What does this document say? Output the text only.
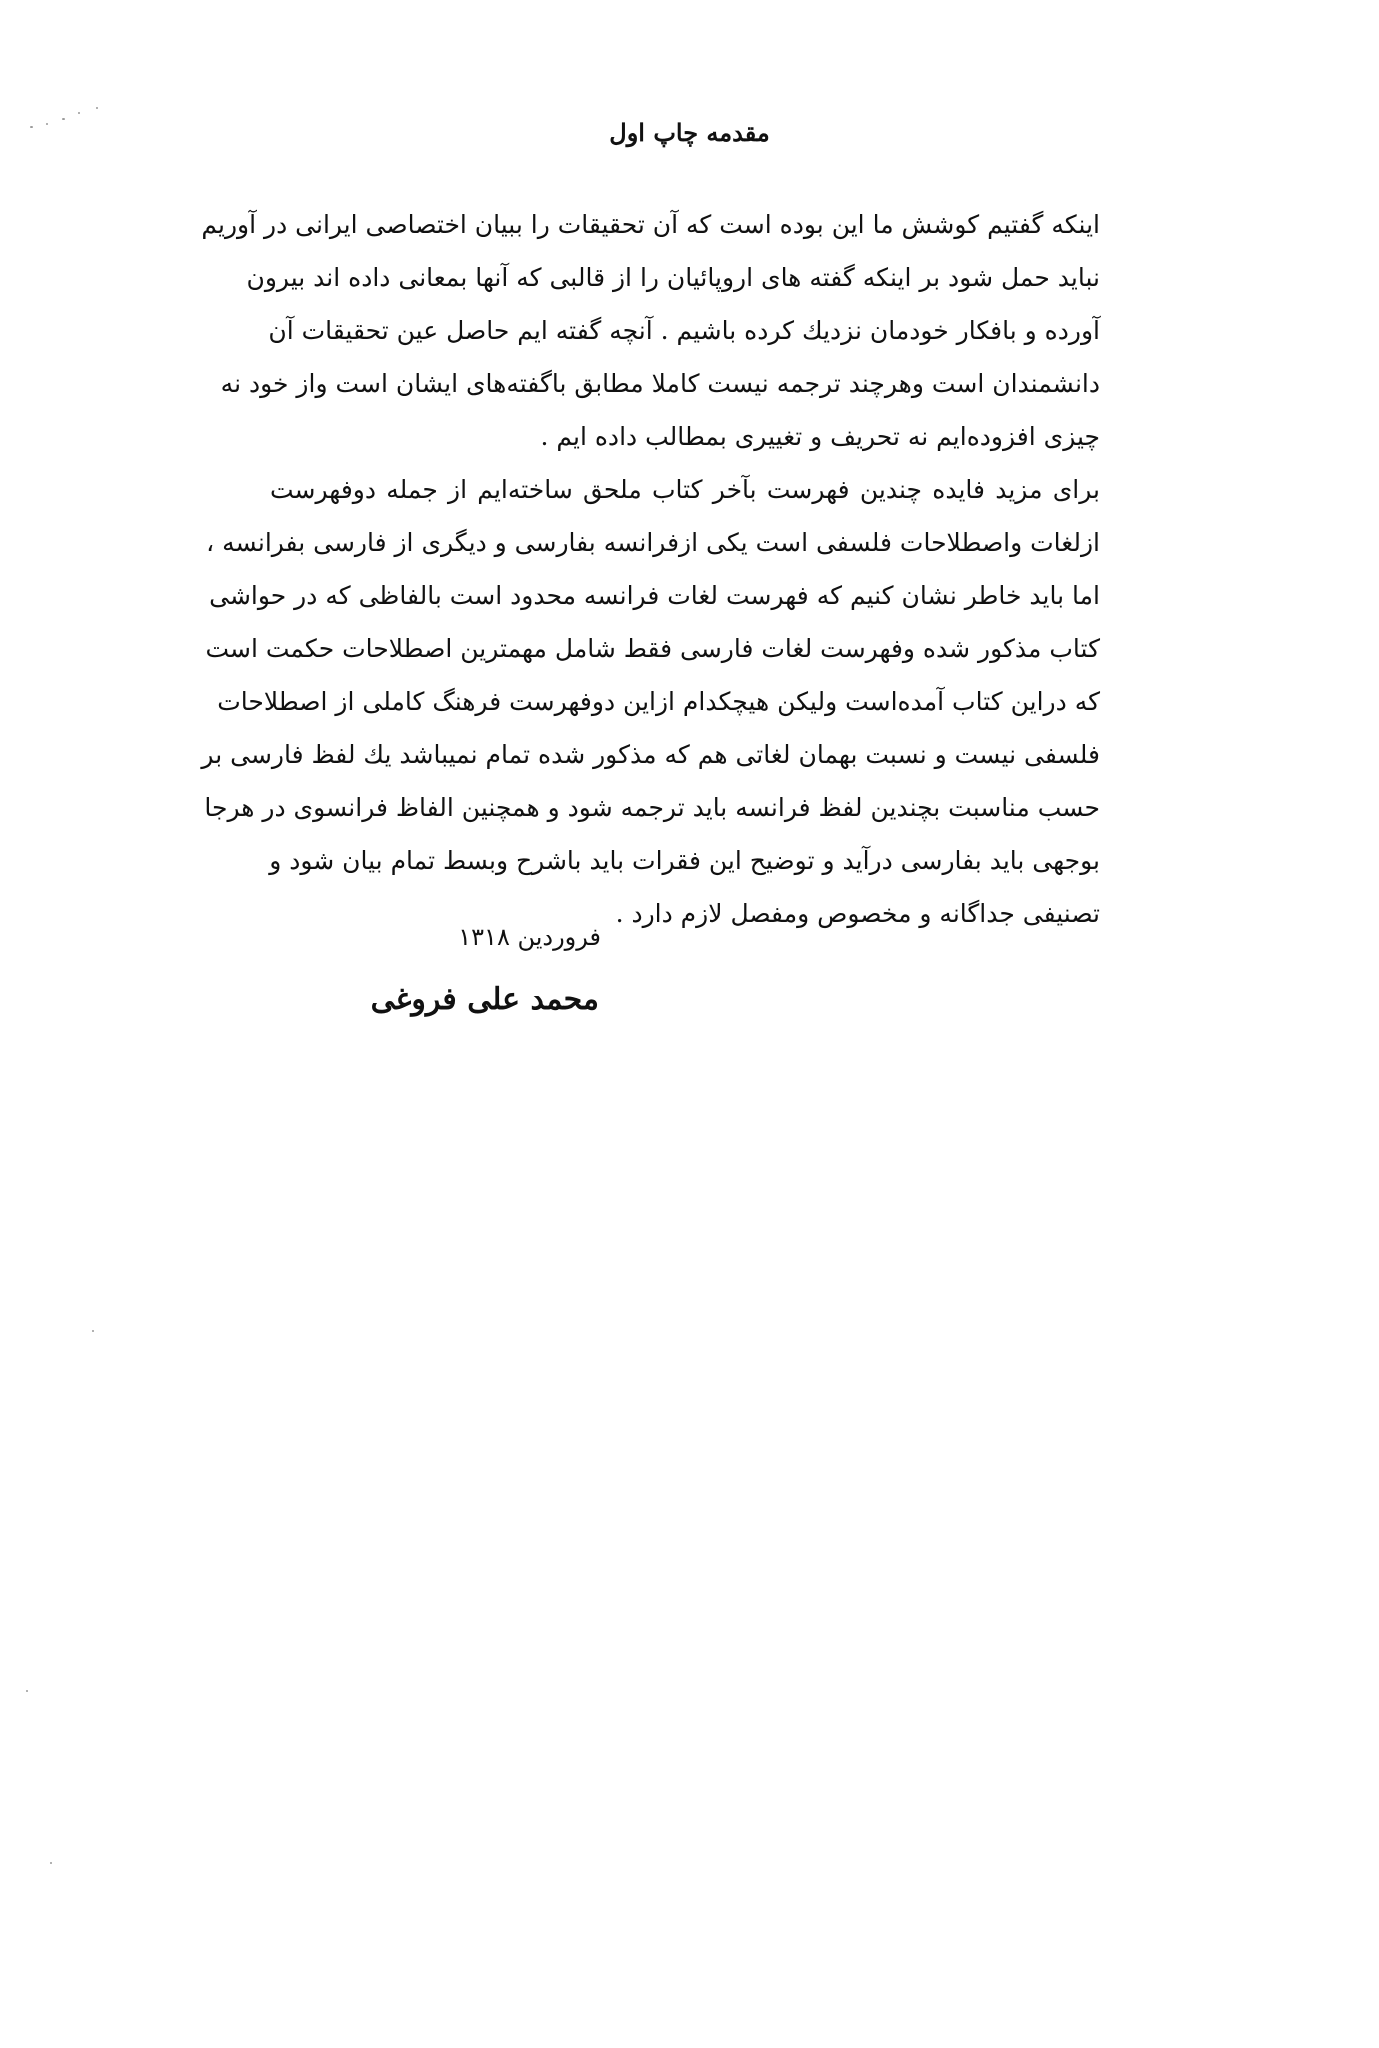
مقدمه چاپ اول

اینکه گفتیم کوشش ما این بوده است که آن تحقیقات را ببیان اختصاصی ایرانی در آوریم
نباید حمل شود بر اینکه گفته های اروپائیان را از قالبی که آنها بمعانی داده اند بیرون
آورده و بافکار خودمان نزدیك کرده باشیم . آنچه گفته ایم حاصل عین تحقیقات آن
دانشمندان است وهرچند ترجمه نیست کاملا مطابق باگفته‌های ایشان است واز خود نه
چیزی افزوده‌ایم نه تحریف و تغییری بمطالب داده ایم .

برای مزید فایده چندین فهرست بآخر کتاب ملحق ساخته‌ایم از جمله دوفهرست
ازلغات واصطلاحات فلسفی است یکی ازفرانسه بفارسی و دیگری از فارسی بفرانسه ،
اما باید خاطر نشان کنیم که فهرست لغات فرانسه محدود است بالفاظی که در حواشی
کتاب مذکور شده وفهرست لغات فارسی فقط شامل مهمترین اصطلاحات حکمت است
که دراین کتاب آمده‌است ولیکن هیچکدام ازاین دوفهرست فرهنگ کاملی از اصطلاحات
فلسفی نیست و نسبت بهمان لغاتی هم که مذکور شده تمام نمیباشد یك لفظ فارسی بر
حسب مناسبت بچندین لفظ فرانسه باید ترجمه شود و همچنین الفاظ فرانسوی در هرجا
بوجهی باید بفارسی درآید و توضیح این فقرات باید باشرح وبسط تمام بیان شود و
تصنیفی جداگانه و مخصوص ومفصل لازم دارد .

فروردین ۱۳۱۸
محمد علی فروغی
